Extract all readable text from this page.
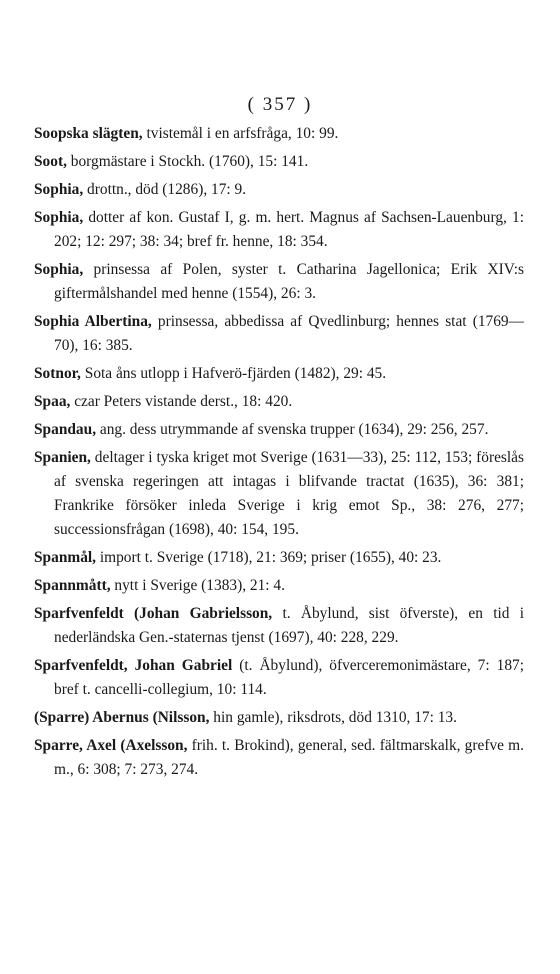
( 357 )

Soopska slägten, tvistemål i en arfsfråga, 10: 99.

Soot, borgmästare i Stockh. (1760), 15: 141.

Sophia, drottn., död (1286), 17: 9.

Sophia, dotter af kon. Gustaf I, g. m. hert. Magnus af Sachsen-Lauenburg, 1: 202; 12: 297; 38: 34; bref fr. henne, 18: 354.

Sophia, prinsessa af Polen, syster t. Catharina Jagellonica; Erik XIV:s giftermålshandel med henne (1554), 26: 3.

Sophia Albertina, prinsessa, abbedissa af Qvedlinburg; hennes stat (1769—70), 16: 385.

Sotnor, Sota åns utlopp i Hafverö-fjärden (1482), 29: 45.

Spaa, czar Peters vistande derst., 18: 420.

Spandau, ang. dess utrymmande af svenska trupper (1634), 29: 256, 257.

Spanien, deltager i tyska kriget mot Sverige (1631—33), 25: 112, 153; föreslås af svenska regeringen att intagas i blifvande tractat (1635), 36: 381; Frankrike försöker inleda Sverige i krig emot Sp., 38: 276, 277; successionsfrågan (1698), 40: 154, 195.

Spanmål, import t. Sverige (1718), 21: 369; priser (1655), 40: 23.

Spannmått, nytt i Sverige (1383), 21: 4.

Sparfvenfeldt (Johan Gabrielsson, t. Åbylund, sist öfverste), en tid i nederländska Gen.-staternas tjenst (1697), 40: 228, 229.

Sparfvenfeldt, Johan Gabriel (t. Åbylund), öfverceremonimästare, 7: 187; bref t. cancelli-collegium, 10: 114.

(Sparre) Abernus (Nilsson, hin gamle), riksdrots, död 1310, 17: 13.

Sparre, Axel (Axelsson, frih. t. Brokind), general, sed. fältmarskalk, grefve m. m., 6: 308; 7: 273, 274.
